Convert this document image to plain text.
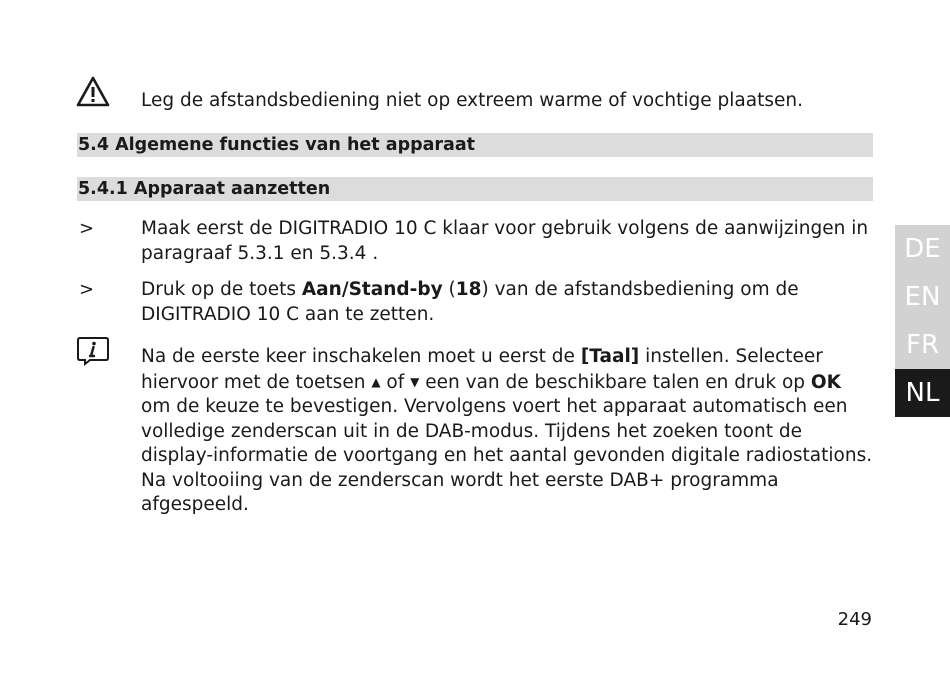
Leg de afstandsbediening niet op extreem warme of vochtige plaatsen.
5.4 Algemene functies van het apparaat
5.4.1 Apparaat aanzetten
>	Maak eerst de DIGITRADIO 10 C klaar voor gebruik volgens de aanwijzingen in paragraaf 5.3.1 en 5.3.4 .
>	Druk op de toets Aan/Stand-by (18) van de afstandsbediening om de DIGITRADIO 10 C aan te zetten.
Na de eerste keer inschakelen moet u eerst de [Taal] instellen. Selecteer hiervoor met de toetsen ▲ of ▼ een van de beschikbare talen en druk op OK om de keuze te bevestigen. Vervolgens voert het apparaat automatisch een volledige zenderscan uit in de DAB-modus. Tijdens het zoeken toont de display-informatie de voortgang en het aantal gevonden digitale radiostations. Na voltooiing van de zenderscan wordt het eerste DAB+ programma afgespeeld.
DE
EN
FR
NL
249
